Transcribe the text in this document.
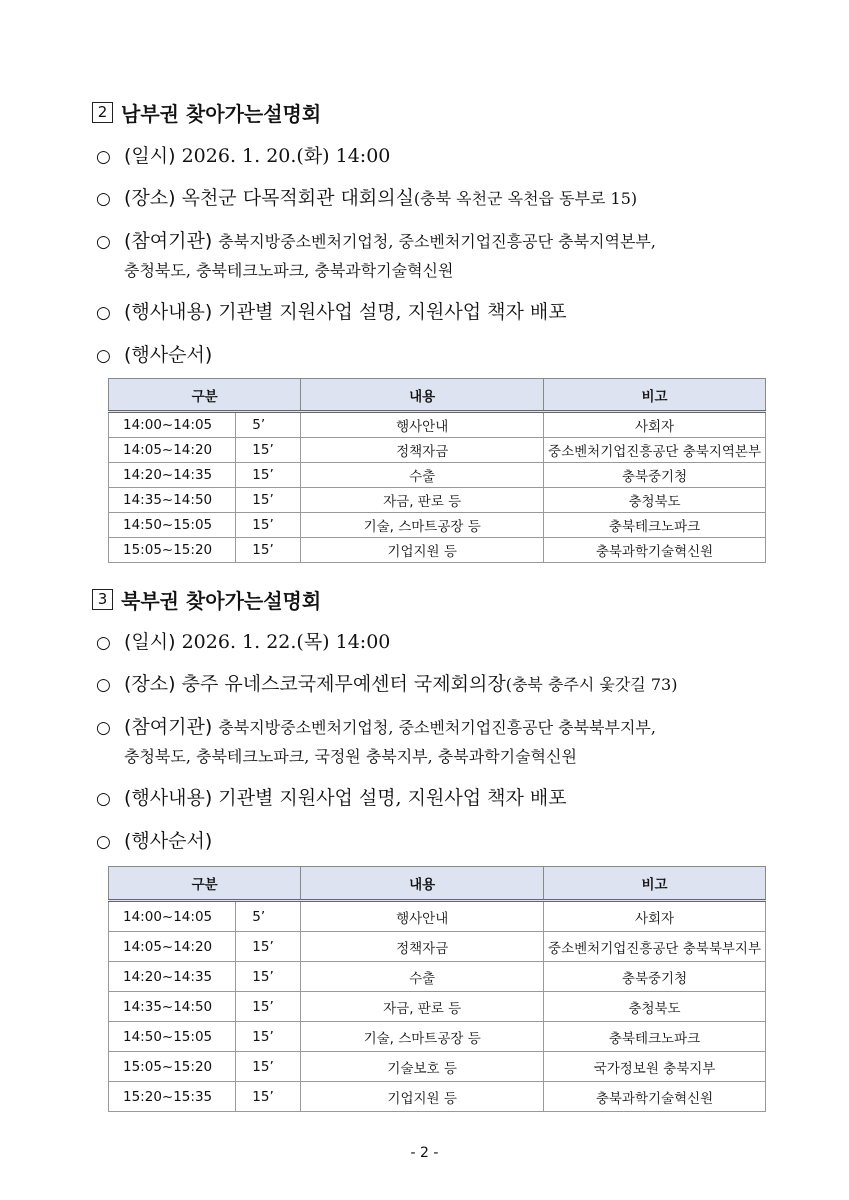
2 남부권 찾아가는설명회
○ (일시) 2026. 1. 20.(화) 14:00
○ (장소) 옥천군 다목적회관 대회의실(충북 옥천군 옥천읍 동부로 15)
○ (참여기관) 충북지방중소벤처기업청, 중소벤처기업진흥공단 충북지역본부,
충청북도, 충북테크노파크, 충북과학기술혁신원
○ (행사내용) 기관별 지원사업 설명, 지원사업 책자 배포
○ (행사순서)
구분		내용	비고
14:00~14:05	5’	행사안내	사회자
14:05~14:20	15’	정책자금	중소벤처기업진흥공단 충북지역본부
14:20~14:35	15’	수출	충북중기청
14:35~14:50	15’	자금, 판로 등	충청북도
14:50~15:05	15’	기술, 스마트공장 등	충북테크노파크
15:05~15:20	15’	기업지원 등	충북과학기술혁신원
3 북부권 찾아가는설명회
○ (일시) 2026. 1. 22.(목) 14:00
○ (장소) 충주 유네스코국제무예센터 국제회의장(충북 충주시 옻갓길 73)
○ (참여기관) 충북지방중소벤처기업청, 중소벤처기업진흥공단 충북북부지부,
충청북도, 충북테크노파크, 국정원 충북지부, 충북과학기술혁신원
○ (행사내용) 기관별 지원사업 설명, 지원사업 책자 배포
○ (행사순서)
구분		내용	비고
14:00~14:05	5’	행사안내	사회자
14:05~14:20	15’	정책자금	중소벤처기업진흥공단 충북북부지부
14:20~14:35	15’	수출	충북중기청
14:35~14:50	15’	자금, 판로 등	충청북도
14:50~15:05	15’	기술, 스마트공장 등	충북테크노파크
15:05~15:20	15’	기술보호 등	국가정보원 충북지부
15:20~15:35	15’	기업지원 등	충북과학기술혁신원
- 2 -
